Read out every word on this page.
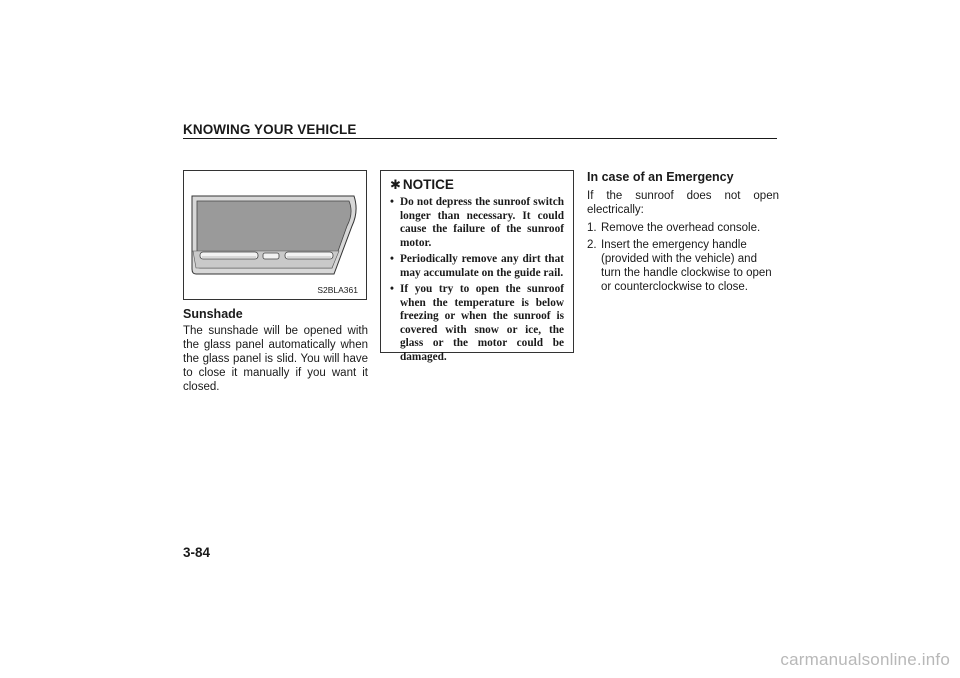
KNOWING YOUR VEHICLE
S2BLA361

Sunshade

The sunshade will be opened with the glass panel automatically when the glass panel is slid. You will have to close it manually if you want it closed.

✱ NOTICE

• Do not depress the sunroof switch longer than necessary. It could cause the failure of the sunroof motor.
• Periodically remove any dirt that may accumulate on the guide rail.
• If you try to open the sunroof when the temperature is below freezing or when the sunroof is covered with snow or ice, the glass or the motor could be damaged.

In case of an Emergency

If the sunroof does not open electrically:

1. Remove the overhead console.
2. Insert the emergency handle (provided with the vehicle) and turn the handle clockwise to open or counterclockwise to close.
3-84
carmanualsonline.info
